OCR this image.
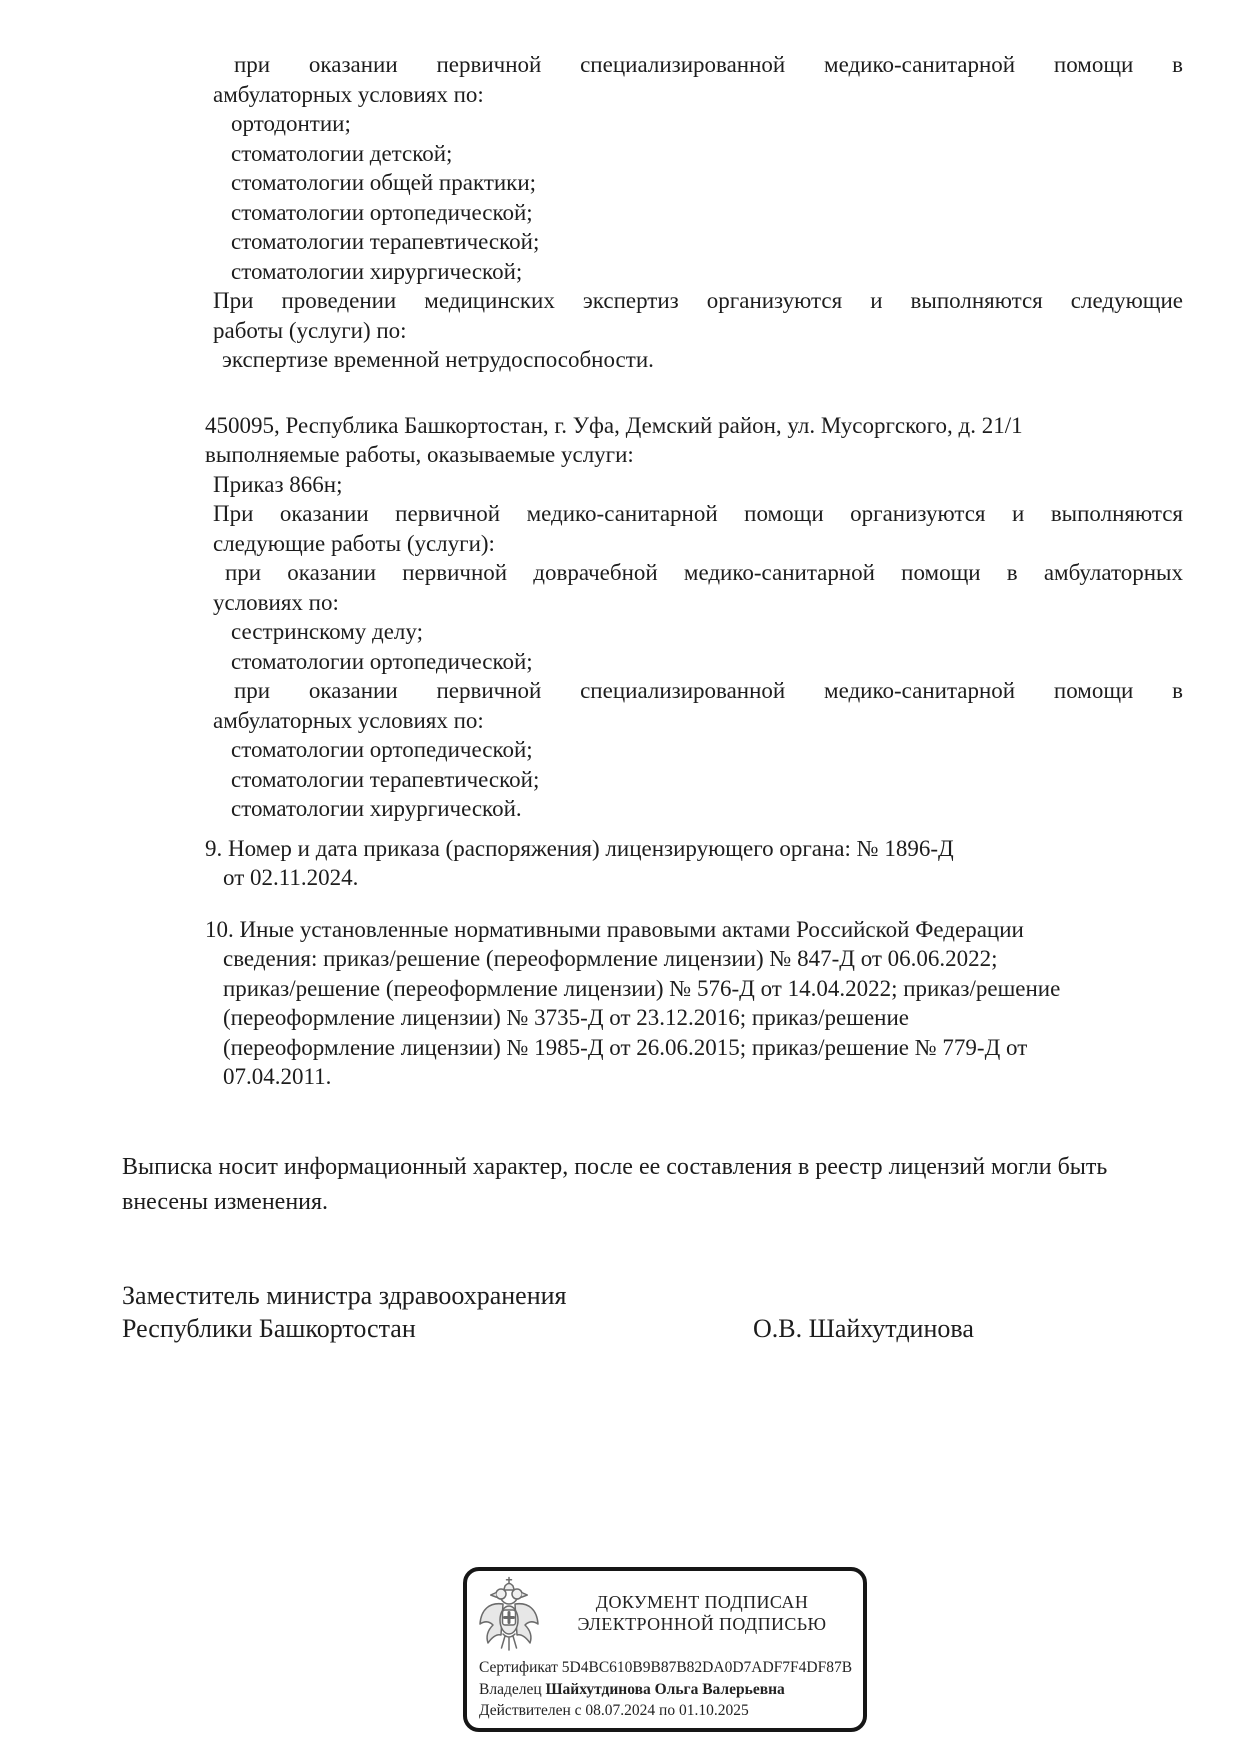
при оказании первичной специализированной медико-санитарной помощи в
амбулаторных условиях по:
ортодонтии;
стоматологии детской;
стоматологии общей практики;
стоматологии ортопедической;
стоматологии терапевтической;
стоматологии хирургической;
При проведении медицинских экспертиз организуются и выполняются следующие
работы (услуги) по:
экспертизе временной нетрудоспособности.
450095, Республика Башкортостан, г. Уфа, Демский район, ул. Мусоргского, д. 21/1
выполняемые работы, оказываемые услуги:
Приказ 866н;
При оказании первичной медико-санитарной помощи организуются и выполняются
следующие работы (услуги):
при оказании первичной доврачебной медико-санитарной помощи в амбулаторных
условиях по:
сестринскому делу;
стоматологии ортопедической;
при оказании первичной специализированной медико-санитарной помощи в
амбулаторных условиях по:
стоматологии ортопедической;
стоматологии терапевтической;
стоматологии хирургической.
9. Номер и дата приказа (распоряжения) лицензирующего органа: № 1896-Д
от 02.11.2024.
10. Иные установленные нормативными правовыми актами Российской Федерации
сведения: приказ/решение (переоформление лицензии) № 847-Д от 06.06.2022;
приказ/решение (переоформление лицензии) № 576-Д от 14.04.2022; приказ/решение
(переоформление лицензии) № 3735-Д от 23.12.2016; приказ/решение
(переоформление лицензии) № 1985-Д от 26.06.2015; приказ/решение № 779-Д от
07.04.2011.
Выписка носит информационный характер, после ее составления в реестр лицензий могли быть
внесены изменения.
Заместитель министра здравоохранения
Республики Башкортостан	О.В. Шайхутдинова
ДОКУМЕНТ ПОДПИСАН
ЭЛЕКТРОННОЙ ПОДПИСЬЮ
Сертификат 5D4BC610B9B87B82DA0D7ADF7F4DF87B
Владелец Шайхутдинова Ольга Валерьевна
Действителен с 08.07.2024 по 01.10.2025
